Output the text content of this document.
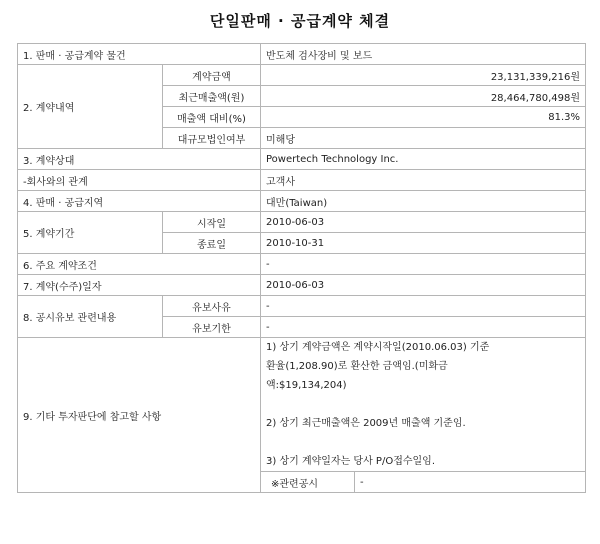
단일판매 · 공급계약 체결
1. 판매 · 공급계약 물건	반도체 검사장비 및 보드
2. 계약내역	계약금액	23,131,339,216원
최근매출액(원)	28,464,780,498원
매출액 대비(%)	81.3%
대규모법인여부	미해당
3. 계약상대	Powertech Technology Inc.
-회사와의 관계	고객사
4. 판매 · 공급지역	대만(Taiwan)
5. 계약기간	시작일	2010-06-03
종료일	2010-10-31
6. 주요 계약조건	-
7. 계약(수주)일자	2010-06-03
8. 공시유보 관련내용	유보사유	-
유보기한	-
9. 기타 투자판단에 참고할 사항	
1) 상기 계약금액은 계약시작일(2010.06.03) 기준
환율(1,208.90)로 환산한 금액임.(미화금
액:$19,134,204)
2) 상기 최근매출액은 2009년 매출액 기준임.
3) 상기 계약일자는 당사 P/O접수일임.

※관련공시	-
